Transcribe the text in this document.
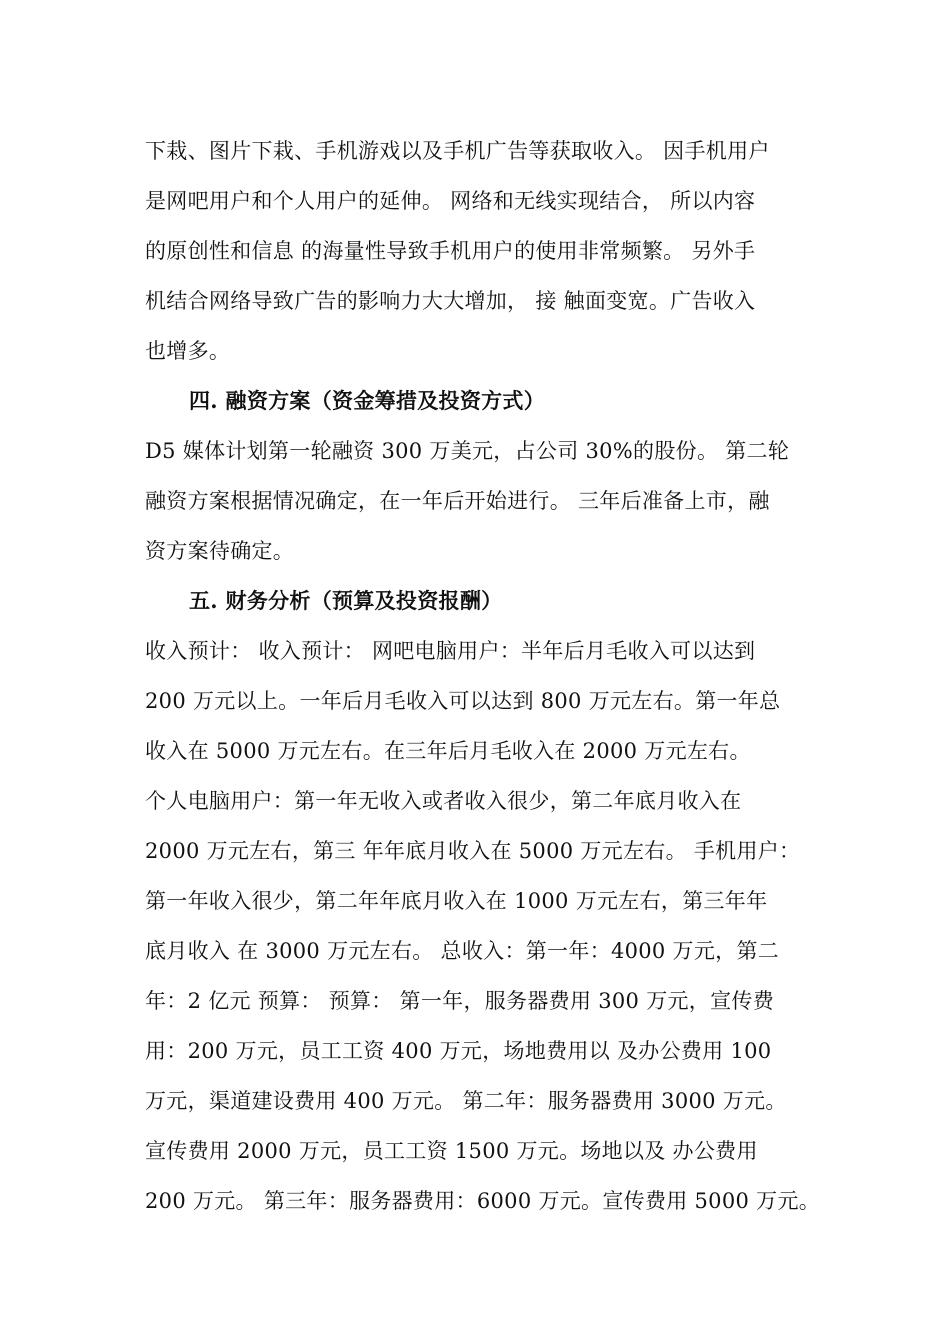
下栽、图片下栽、手机游戏以及手机广告等获取收入。 因手机用户
是网吧用户和个人用户的延伸。 网络和无线实现结合， 所以内容
的原创性和信息 的海量性导致手机用户的使用非常频繁。 另外手
机结合网络导致广告的影响力大大增加， 接 触面变宽。广告收入
也增多。
四. 融资方案（资金筹措及投资方式）
D5 媒体计划第一轮融资 300 万美元，占公司 30%的股份。 第二轮
融资方案根据情况确定，在一年后开始进行。 三年后准备上市，融
资方案待确定。
五. 财务分析（预算及投资报酬）
收入预计： 收入预计： 网吧电脑用户：半年后月毛收入可以达到
200 万元以上。一年后月毛收入可以达到 800 万元左右。第一年总
收入在 5000 万元左右。在三年后月毛收入在 2000 万元左右。
个人电脑用户：第一年无收入或者收入很少，第二年底月收入在
2000 万元左右，第三 年年底月收入在 5000 万元左右。 手机用户：
第一年收入很少，第二年年底月收入在 1000 万元左右，第三年年
底月收入 在 3000 万元左右。 总收入：第一年：4000 万元，第二
年：2 亿元 预算： 预算： 第一年，服务器费用 300 万元，宣传费
用：200 万元，员工工资 400 万元，场地费用以 及办公费用 100
万元，渠道建设费用 400 万元。 第二年：服务器费用 3000 万元。
宣传费用 2000 万元，员工工资 1500 万元。场地以及 办公费用
200 万元。 第三年：服务器费用：6000 万元。宣传费用 5000 万元。
